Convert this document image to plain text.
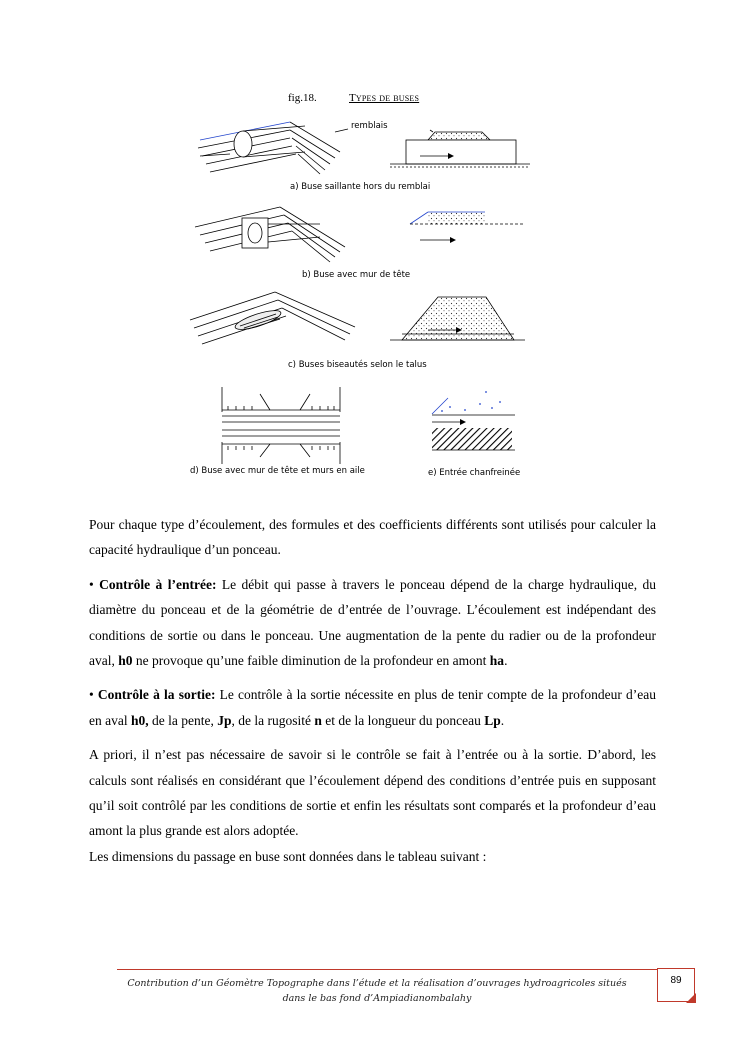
fig.18.	Types de buses
remblais
a) Buse saillante hors du remblai
b) Buse avec mur de tête
c) Buses biseautés selon le talus
d) Buse avec mur de tête et murs en aile	e) Entrée chanfreinée

Pour chaque type d’écoulement, des formules et des coefficients différents sont utilisés pour calculer la capacité hydraulique d’un ponceau.

• Contrôle à l’entrée: Le débit qui passe à travers le ponceau dépend de la charge hydraulique, du diamètre du ponceau et de la géométrie de d’entrée de l’ouvrage. L’écoulement est indépendant des conditions de sortie ou dans le ponceau. Une augmentation de la pente du radier ou de la profondeur aval, h0 ne provoque qu’une faible diminution de la profondeur en amont ha.

• Contrôle à la sortie: Le contrôle à la sortie nécessite en plus de tenir compte de la profondeur d’eau en aval h0, de la pente, Jp, de la rugosité n et de la longueur du ponceau Lp.

A priori, il n’est pas nécessaire de savoir si le contrôle se fait à l’entrée ou à la sortie. D’abord, les calculs sont réalisés en considérant que l’écoulement dépend des conditions d’entrée puis en supposant qu’il soit contrôlé par les conditions de sortie et enfin les résultats sont comparés et la profondeur d’eau amont la plus grande est alors adoptée.

Les dimensions du passage en buse sont données dans le tableau suivant :

Contribution d’un Géomètre Topographe dans l’étude et la réalisation d’ouvrages hydroagricoles situés dans le bas fond d’Ampiadianombalahy
89
